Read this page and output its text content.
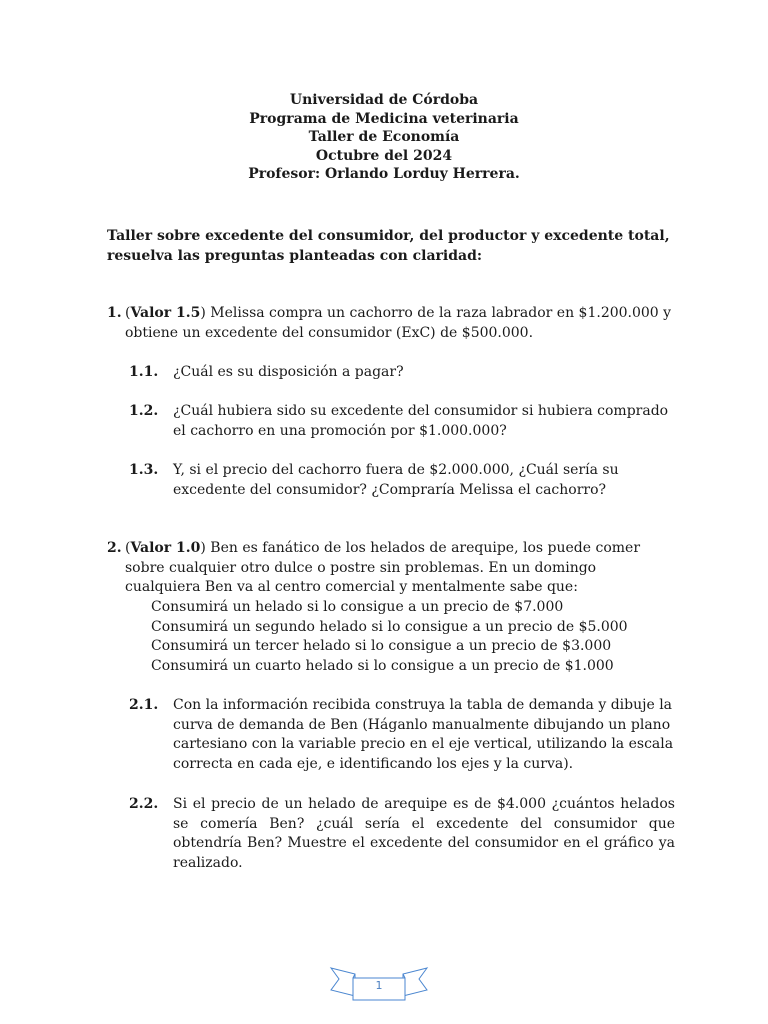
Universidad de Córdoba
Programa de Medicina veterinaria
Taller de Economía
Octubre del 2024
Profesor: Orlando Lorduy Herrera.
Taller sobre excedente del consumidor, del productor y excedente total, resuelva las preguntas planteadas con claridad:
1. (Valor 1.5) Melissa compra un cachorro de la raza labrador en $1.200.000 y obtiene un excedente del consumidor (ExC) de $500.000.
1.1. ¿Cuál es su disposición a pagar?
1.2. ¿Cuál hubiera sido su excedente del consumidor si hubiera comprado el cachorro en una promoción por $1.000.000?
1.3. Y, si el precio del cachorro fuera de $2.000.000, ¿Cuál sería su excedente del consumidor? ¿Compraría Melissa el cachorro?
2. (Valor 1.0) Ben es fanático de los helados de arequipe, los puede comer sobre cualquier otro dulce o postre sin problemas. En un domingo cualquiera Ben va al centro comercial y mentalmente sabe que:
Consumirá un helado si lo consigue a un precio de $7.000
Consumirá un segundo helado si lo consigue a un precio de $5.000
Consumirá un tercer helado si lo consigue a un precio de $3.000
Consumirá un cuarto helado si lo consigue a un precio de $1.000
2.1. Con la información recibida construya la tabla de demanda y dibuje la curva de demanda de Ben (Háganlo manualmente dibujando un plano cartesiano con la variable precio en el eje vertical, utilizando la escala correcta en cada eje, e identificando los ejes y la curva).
2.2. Si el precio de un helado de arequipe es de $4.000 ¿cuántos helados se comería Ben? ¿cuál sería el excedente del consumidor que obtendría Ben? Muestre el excedente del consumidor en el gráfico ya realizado.
1
